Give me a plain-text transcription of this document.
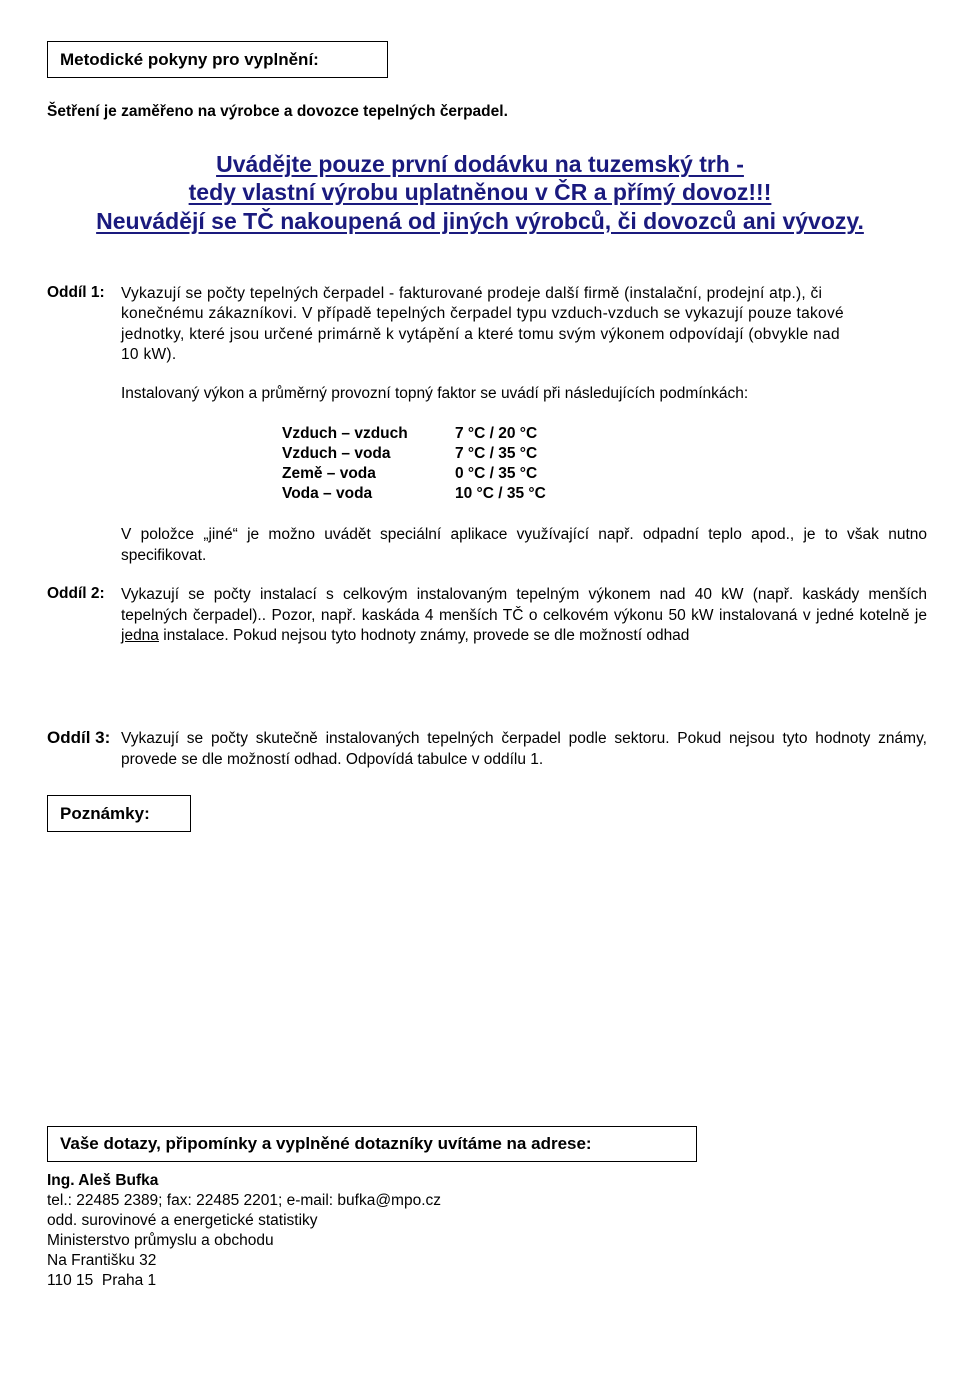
Metodické pokyny pro vyplnění:
Šetření je zaměřeno na výrobce a dovozce tepelných čerpadel.
Uvádějte pouze první dodávku na tuzemský trh -
tedy vlastní výrobu uplatněnou v ČR a přímý dovoz!!!
Neuvádějí se TČ nakoupená od jiných výrobců, či dovozců ani vývozy.
Oddíl 1: Vykazují se počty tepelných čerpadel - fakturované prodeje další firmě (instalační, prodejní atp.), či
konečnému zákazníkovi. V případě tepelných čerpadel typu vzduch-vzduch se vykazují pouze takové
jednotky, které jsou určené primárně k vytápění a které tomu svým výkonem odpovídají (obvykle nad
10 kW).
Instalovaný výkon a průměrný provozní topný faktor se uvádí při následujících podmínkách:
Vzduch – vzduch	7 °C / 20 °C
Vzduch – voda	7 °C / 35 °C
Země – voda	0 °C / 35 °C
Voda – voda	10 °C / 35 °C
V položce „jiné“ je možno uvádět speciální aplikace využívající např. odpadní teplo apod., je to však nutno specifikovat.
Oddíl 2: Vykazují se počty instalací s celkovým instalovaným tepelným výkonem nad 40 kW (např. kaskády menších tepelných čerpadel).. Pozor, např. kaskáda 4 menších TČ o celkovém výkonu 50 kW instalovaná v jedné kotelně je jedna instalace. Pokud nejsou tyto hodnoty známy, provede se dle možností odhad
Oddíl 3: Vykazují se počty skutečně instalovaných tepelných čerpadel podle sektoru. Pokud nejsou tyto hodnoty známy, provede se dle možností odhad. Odpovídá tabulce v oddílu 1.
Poznámky:
Vaše dotazy, připomínky a vyplněné dotazníky uvítáme na adrese:
Ing. Aleš Bufka
tel.: 22485 2389; fax: 22485 2201; e-mail: bufka@mpo.cz
odd. surovinové a energetické statistiky
Ministerstvo průmyslu a obchodu
Na Františku 32
110 15  Praha 1
